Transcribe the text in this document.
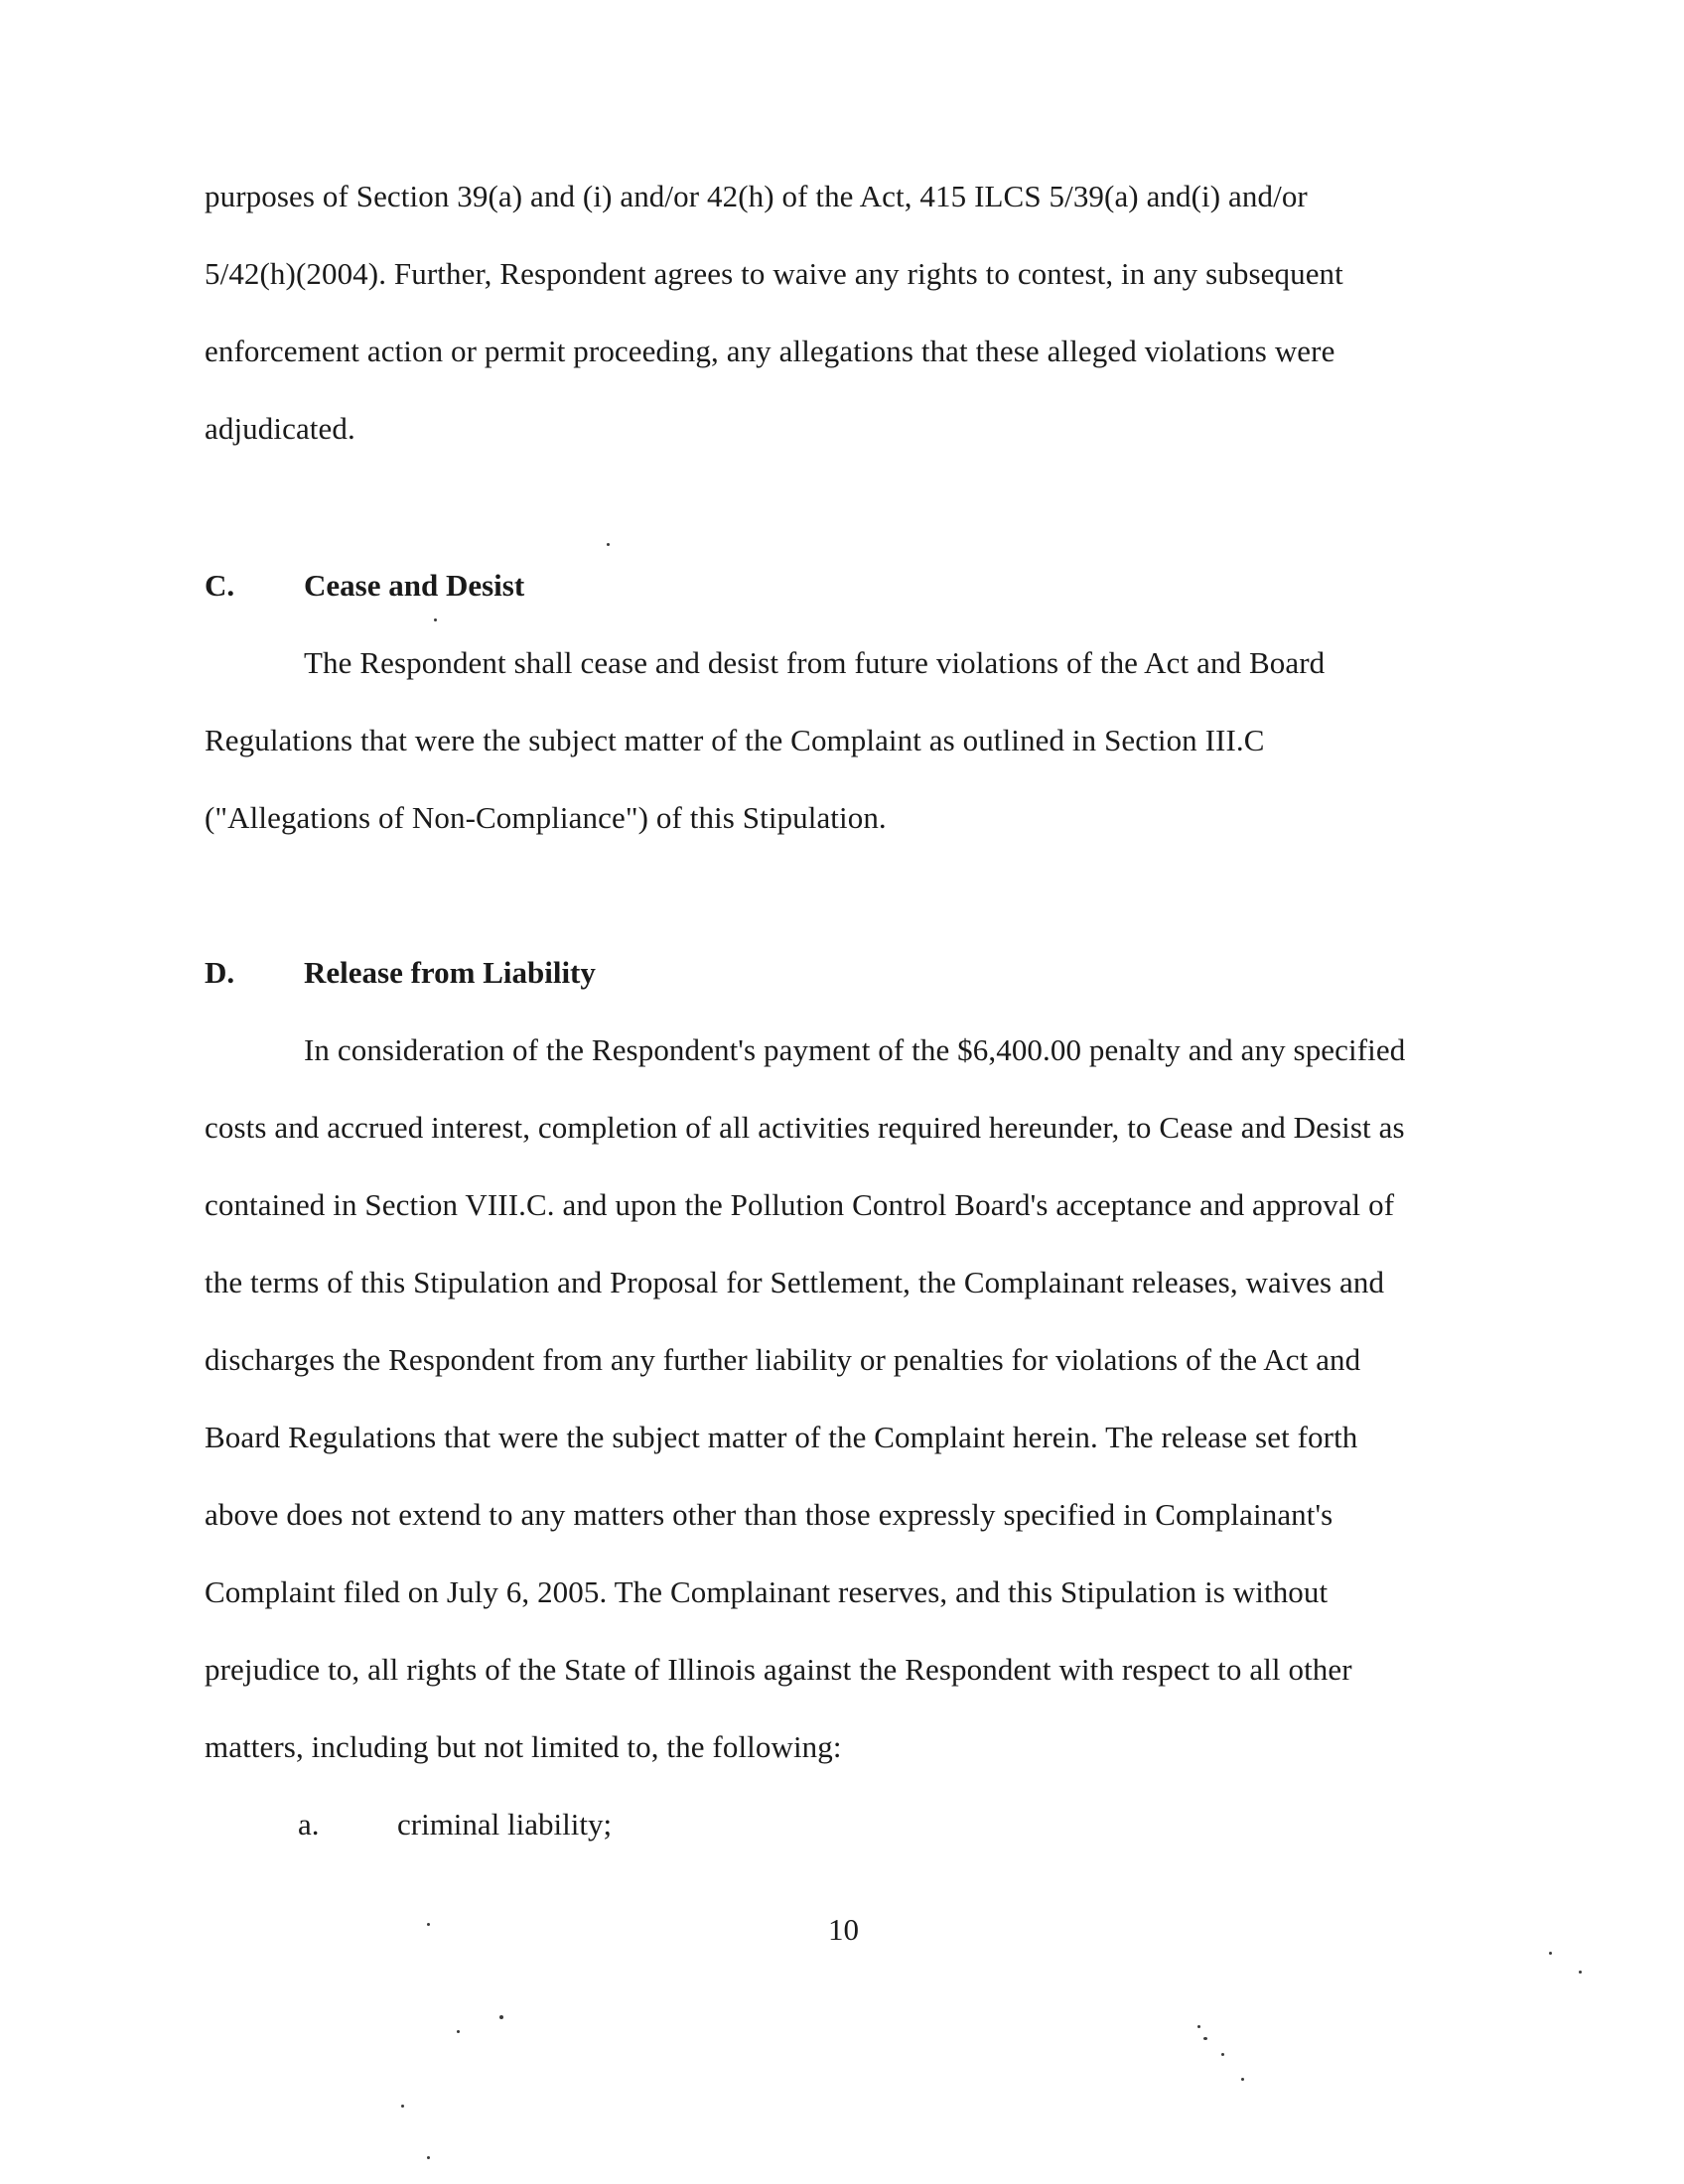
purposes of Section 39(a) and (i) and/or 42(h) of the Act, 415 ILCS 5/39(a) and(i) and/or
5/42(h)(2004). Further, Respondent agrees to waive any rights to contest, in any subsequent
enforcement action or permit proceeding, any allegations that these alleged violations were
adjudicated.
C. Cease and Desist
The Respondent shall cease and desist from future violations of the Act and Board
Regulations that were the subject matter of the Complaint as outlined in Section III.C
("Allegations of Non-Compliance") of this Stipulation.
D. Release from Liability
In consideration of the Respondent's payment of the $6,400.00 penalty and any specified
costs and accrued interest, completion of all activities required hereunder, to Cease and Desist as
contained in Section VIII.C. and upon the Pollution Control Board's acceptance and approval of
the terms of this Stipulation and Proposal for Settlement, the Complainant releases, waives and
discharges the Respondent from any further liability or penalties for violations of the Act and
Board Regulations that were the subject matter of the Complaint herein. The release set forth
above does not extend to any matters other than those expressly specified in Complainant's
Complaint filed on July 6, 2005. The Complainant reserves, and this Stipulation is without
prejudice to, all rights of the State of Illinois against the Respondent with respect to all other
matters, including but not limited to, the following:
a.	criminal liability;
10
